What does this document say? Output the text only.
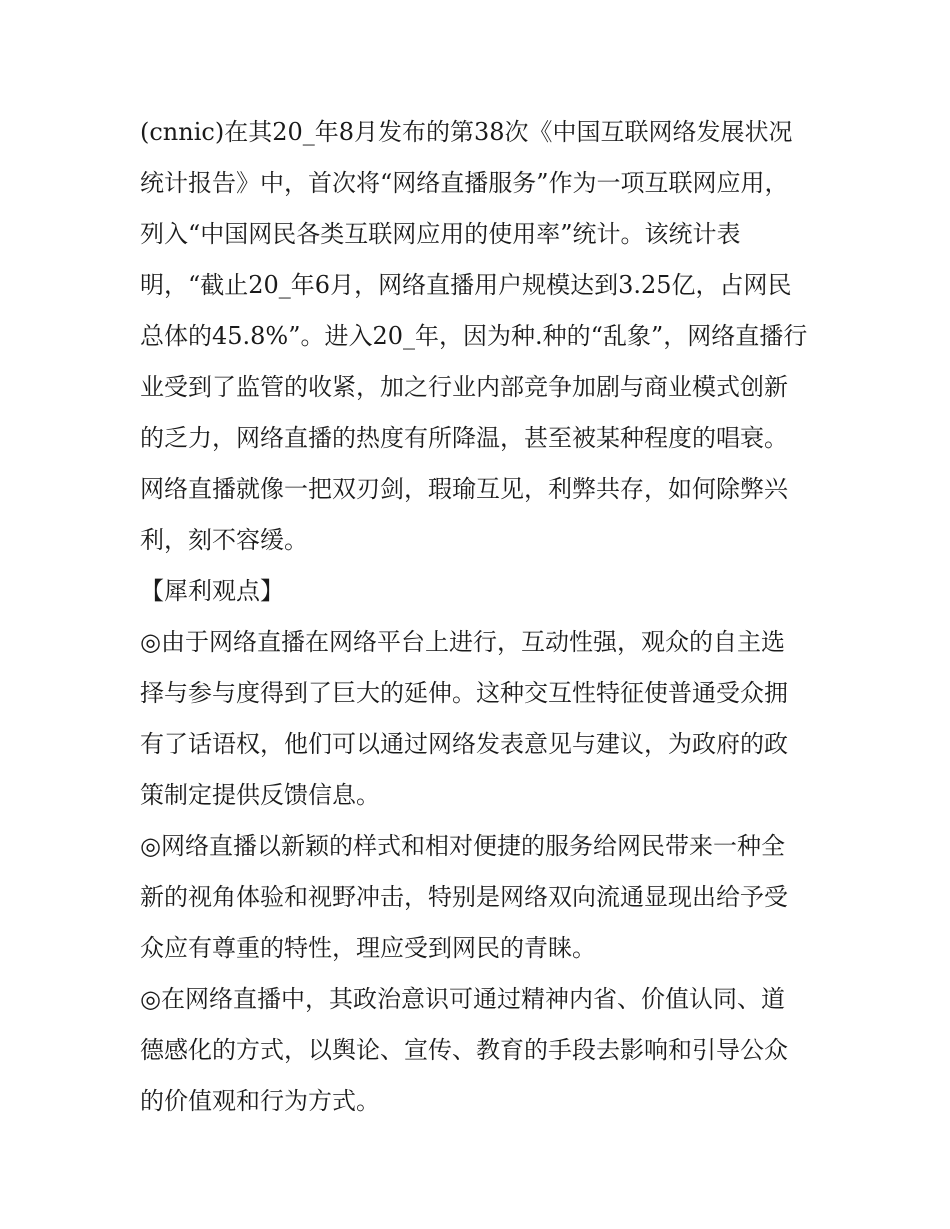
(cnnic)在其20_年8月发布的第38次《中国互联网络发展状况
统计报告》中，首次将“网络直播服务”作为一项互联网应用，
列入“中国网民各类互联网应用的使用率”统计。该统计表
明，“截止20_年6月，网络直播用户规模达到3.25亿，占网民
总体的45.8%”。进入20_年，因为种.种的“乱象”，网络直播行
业受到了监管的收紧，加之行业内部竞争加剧与商业模式创新
的乏力，网络直播的热度有所降温，甚至被某种程度的唱衰。
网络直播就像一把双刃剑，瑕瑜互见，利弊共存，如何除弊兴
利，刻不容缓。
【犀利观点】
◎由于网络直播在网络平台上进行，互动性强，观众的自主选
择与参与度得到了巨大的延伸。这种交互性特征使普通受众拥
有了话语权，他们可以通过网络发表意见与建议，为政府的政
策制定提供反馈信息。
◎网络直播以新颖的样式和相对便捷的服务给网民带来一种全
新的视角体验和视野冲击，特别是网络双向流通显现出给予受
众应有尊重的特性，理应受到网民的青睐。
◎在网络直播中，其政治意识可通过精神内省、价值认同、道
德感化的方式，以舆论、宣传、教育的手段去影响和引导公众
的价值观和行为方式。
